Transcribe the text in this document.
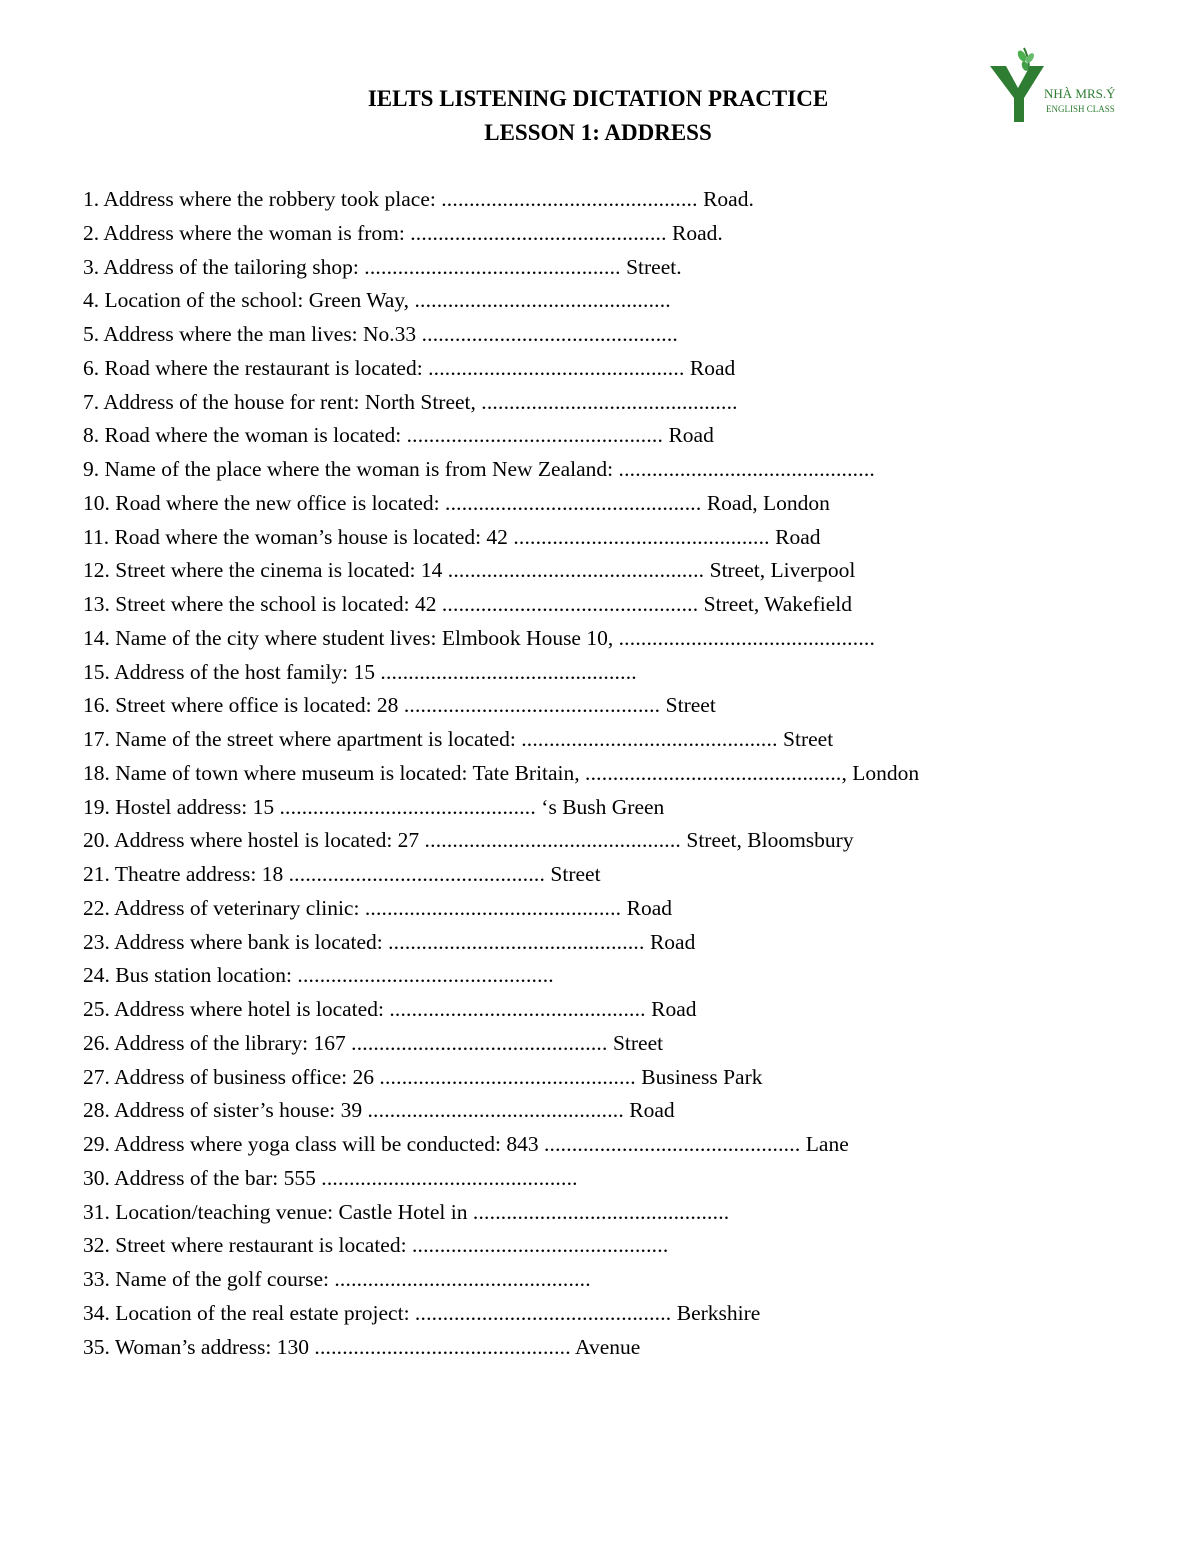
IELTS LISTENING DICTATION PRACTICE
LESSON 1: ADDRESS
NHÀ MRS.Ý
ENGLISH CLASS
1. Address where the robbery took place: .............................................. Road.
2. Address where the woman is from: .............................................. Road.
3. Address of the tailoring shop: .............................................. Street.
4. Location of the school: Green Way, ..............................................
5. Address where the man lives: No.33 ..............................................
6. Road where the restaurant is located: .............................................. Road
7. Address of the house for rent: North Street, ..............................................
8. Road where the woman is located: .............................................. Road
9. Name of the place where the woman is from New Zealand: ..............................................
10. Road where the new office is located: .............................................. Road, London
11. Road where the woman’s house is located: 42 .............................................. Road
12. Street where the cinema is located: 14 .............................................. Street, Liverpool
13. Street where the school is located: 42 .............................................. Street, Wakefield
14. Name of the city where student lives: Elmbook House 10, ..............................................
15. Address of the host family: 15 ..............................................
16. Street where office is located: 28 .............................................. Street
17. Name of the street where apartment is located: .............................................. Street
18. Name of town where museum is located: Tate Britain, .............................................., London
19. Hostel address: 15 .............................................. ‘s Bush Green
20. Address where hostel is located: 27 .............................................. Street, Bloomsbury
21. Theatre address: 18 .............................................. Street
22. Address of veterinary clinic: .............................................. Road
23. Address where bank is located: .............................................. Road
24. Bus station location: ..............................................
25. Address where hotel is located: .............................................. Road
26. Address of the library: 167 .............................................. Street
27. Address of business office: 26 .............................................. Business Park
28. Address of sister’s house: 39 .............................................. Road
29. Address where yoga class will be conducted: 843 .............................................. Lane
30. Address of the bar: 555 ..............................................
31. Location/teaching venue: Castle Hotel in ..............................................
32. Street where restaurant is located: ..............................................
33. Name of the golf course: ..............................................
34. Location of the real estate project: .............................................. Berkshire
35. Woman’s address: 130 .............................................. Avenue
